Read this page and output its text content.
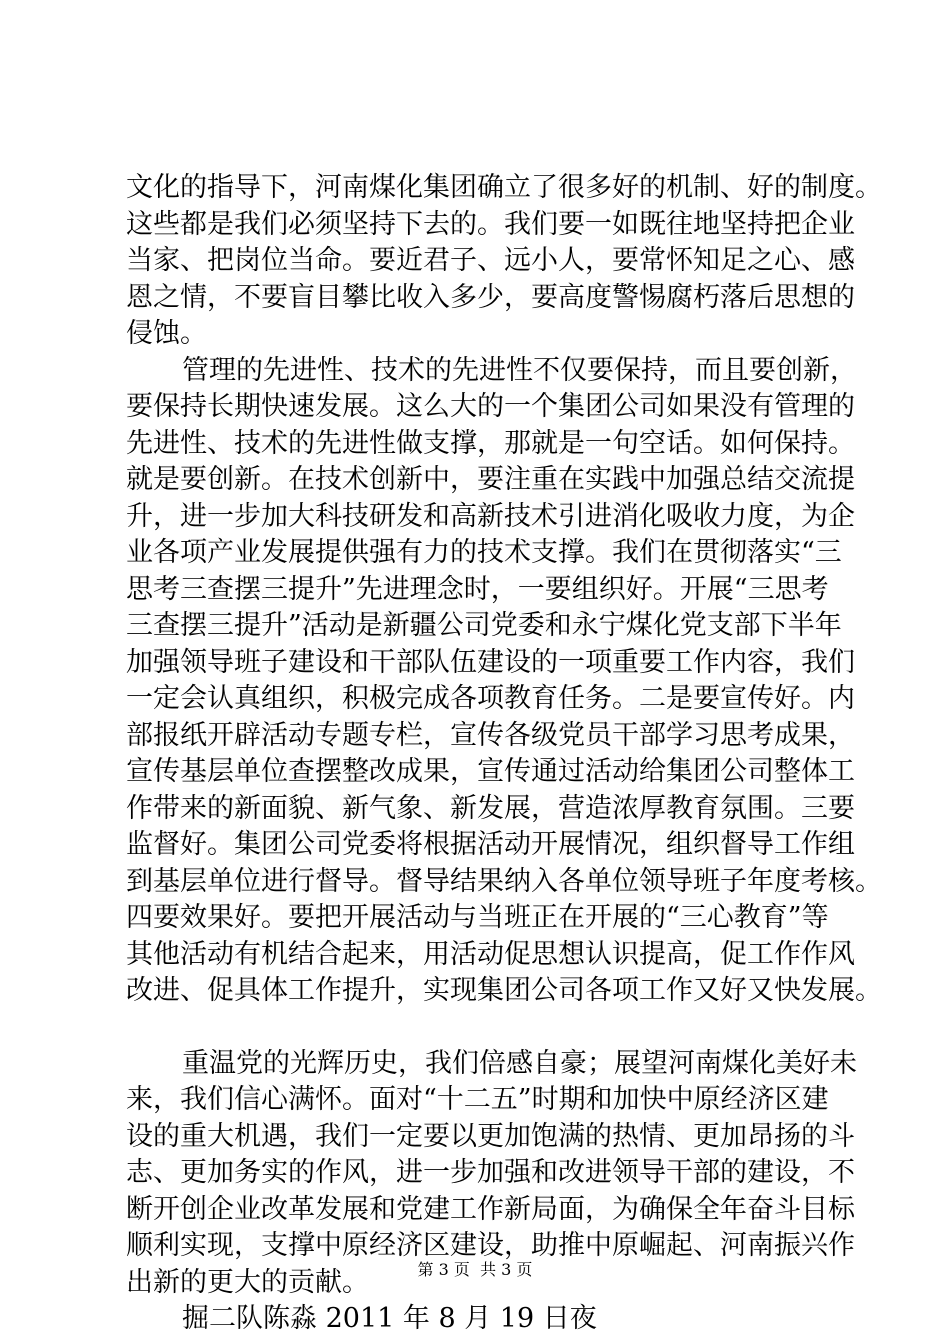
文化的指导下，河南煤化集团确立了很多好的机制、好的制度。
这些都是我们必须坚持下去的。我们要一如既往地坚持把企业
当家、把岗位当命。要近君子、远小人，要常怀知足之心、感
恩之情，不要盲目攀比收入多少，要高度警惕腐朽落后思想的
侵蚀。
管理的先进性、技术的先进性不仅要保持，而且要创新，
要保持长期快速发展。这么大的一个集团公司如果没有管理的
先进性、技术的先进性做支撑，那就是一句空话。如何保持。
就是要创新。在技术创新中，要注重在实践中加强总结交流提
升，进一步加大科技研发和高新技术引进消化吸收力度，为企
业各项产业发展提供强有力的技术支撑。我们在贯彻落实“三
思考三查摆三提升”先进理念时，一要组织好。开展“三思考
三查摆三提升”活动是新疆公司党委和永宁煤化党支部下半年
加强领导班子建设和干部队伍建设的一项重要工作内容，我们
一定会认真组织，积极完成各项教育任务。二是要宣传好。内
部报纸开辟活动专题专栏，宣传各级党员干部学习思考成果，
宣传基层单位查摆整改成果，宣传通过活动给集团公司整体工
作带来的新面貌、新气象、新发展，营造浓厚教育氛围。三要
监督好。集团公司党委将根据活动开展情况，组织督导工作组
到基层单位进行督导。督导结果纳入各单位领导班子年度考核。
四要效果好。要把开展活动与当班正在开展的“三心教育”等
其他活动有机结合起来，用活动促思想认识提高，促工作作风
改进、促具体工作提升，实现集团公司各项工作又好又快发展。
重温党的光辉历史，我们倍感自豪；展望河南煤化美好未
来，我们信心满怀。面对“十二五”时期和加快中原经济区建
设的重大机遇，我们一定要以更加饱满的热情、更加昂扬的斗
志、更加务实的作风，进一步加强和改进领导干部的建设，不
断开创企业改革发展和党建工作新局面，为确保全年奋斗目标
顺利实现，支撑中原经济区建设，助推中原崛起、河南振兴作
出新的更大的贡献。
掘二队陈淼 2011 年 8 月 19 日夜
第 3 页  共 3 页
